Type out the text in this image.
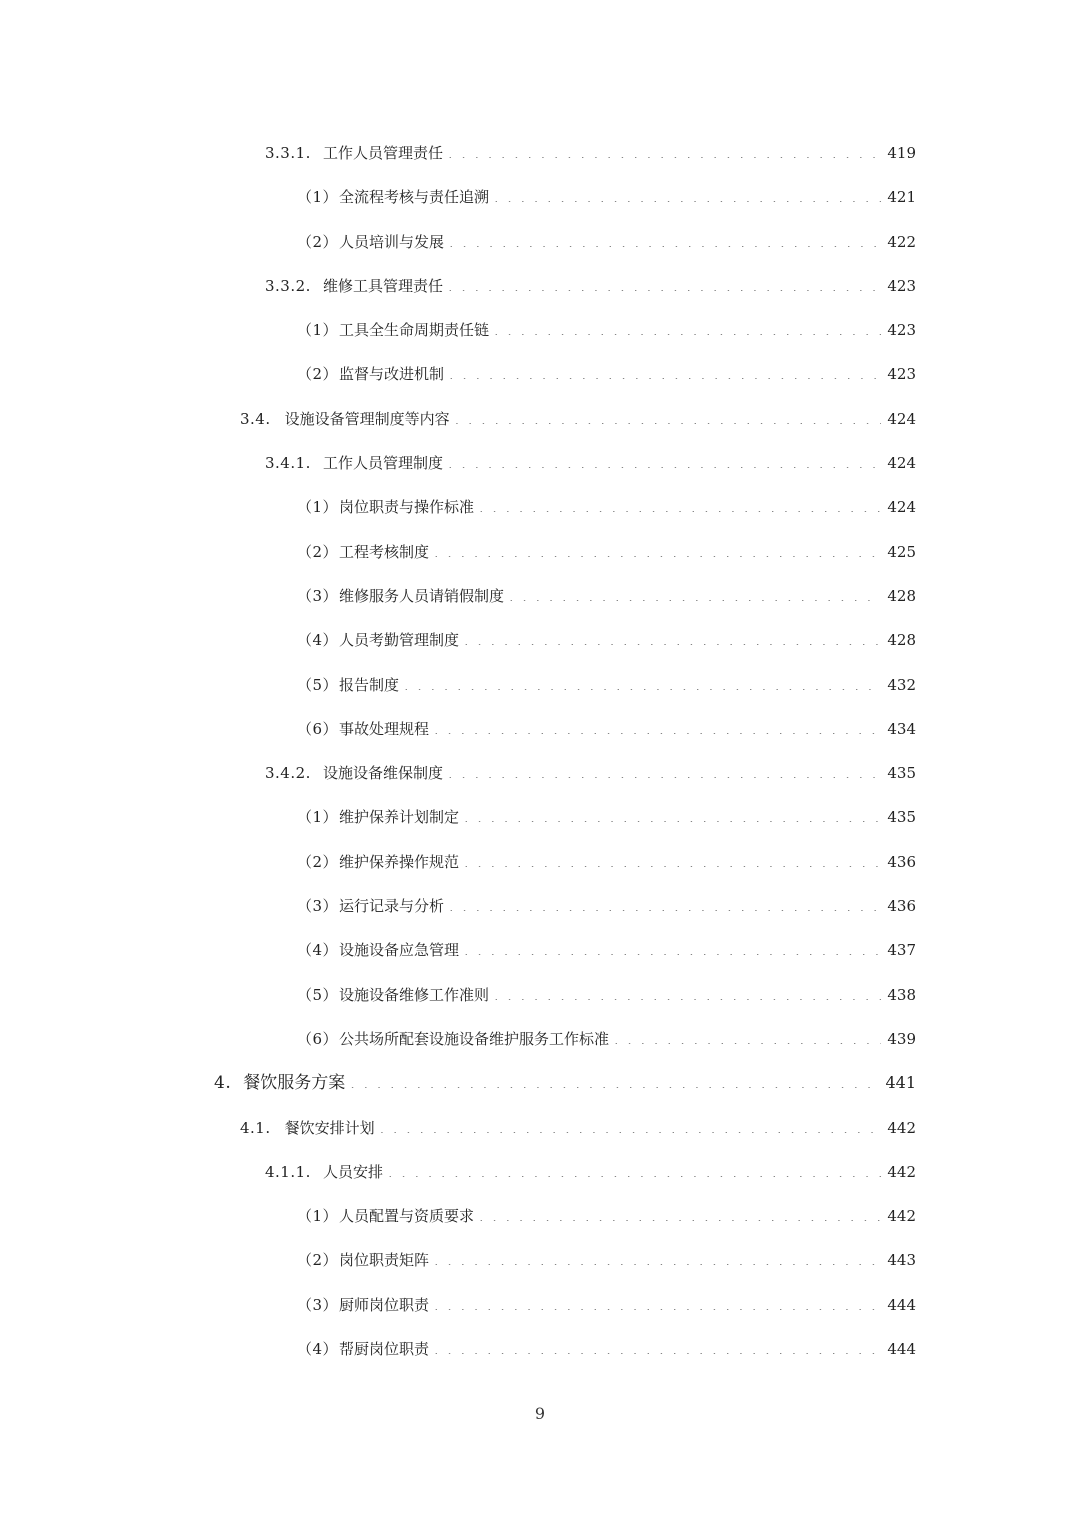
3.3.1. 工作人员管理责任 . . .	419
（1） 全流程考核与责任追溯 . . .	421
（2） 人员培训与发展 . . .	422
3.3.2. 维修工具管理责任 . . .	423
（1） 工具全生命周期责任链 . . .	423
（2） 监督与改进机制 . . .	423
3.4. 设施设备管理制度等内容 . . .	424
3.4.1. 工作人员管理制度 . . .	424
（1） 岗位职责与操作标准 . . .	424
（2） 工程考核制度 . . .	425
（3） 维修服务人员请销假制度 . . .	428
（4） 人员考勤管理制度 . . .	428
（5） 报告制度 . . .	432
（6） 事故处理规程 . . .	434
3.4.2. 设施设备维保制度 . . .	435
（1） 维护保养计划制定 . . .	435
（2） 维护保养操作规范 . . .	436
（3） 运行记录与分析 . . .	436
（4） 设施设备应急管理 . . .	437
（5） 设施设备维修工作准则 . . .	438
（6） 公共场所配套设施设备维护服务工作标准 . . .	439
4. 餐饮服务方案 . . .	441
4.1. 餐饮安排计划 . . .	442
4.1.1. 人员安排 . . .	442
（1） 人员配置与资质要求 . . .	442
（2） 岗位职责矩阵 . . .	443
（3） 厨师岗位职责 . . .	444
（4） 帮厨岗位职责 . . .	444
9
